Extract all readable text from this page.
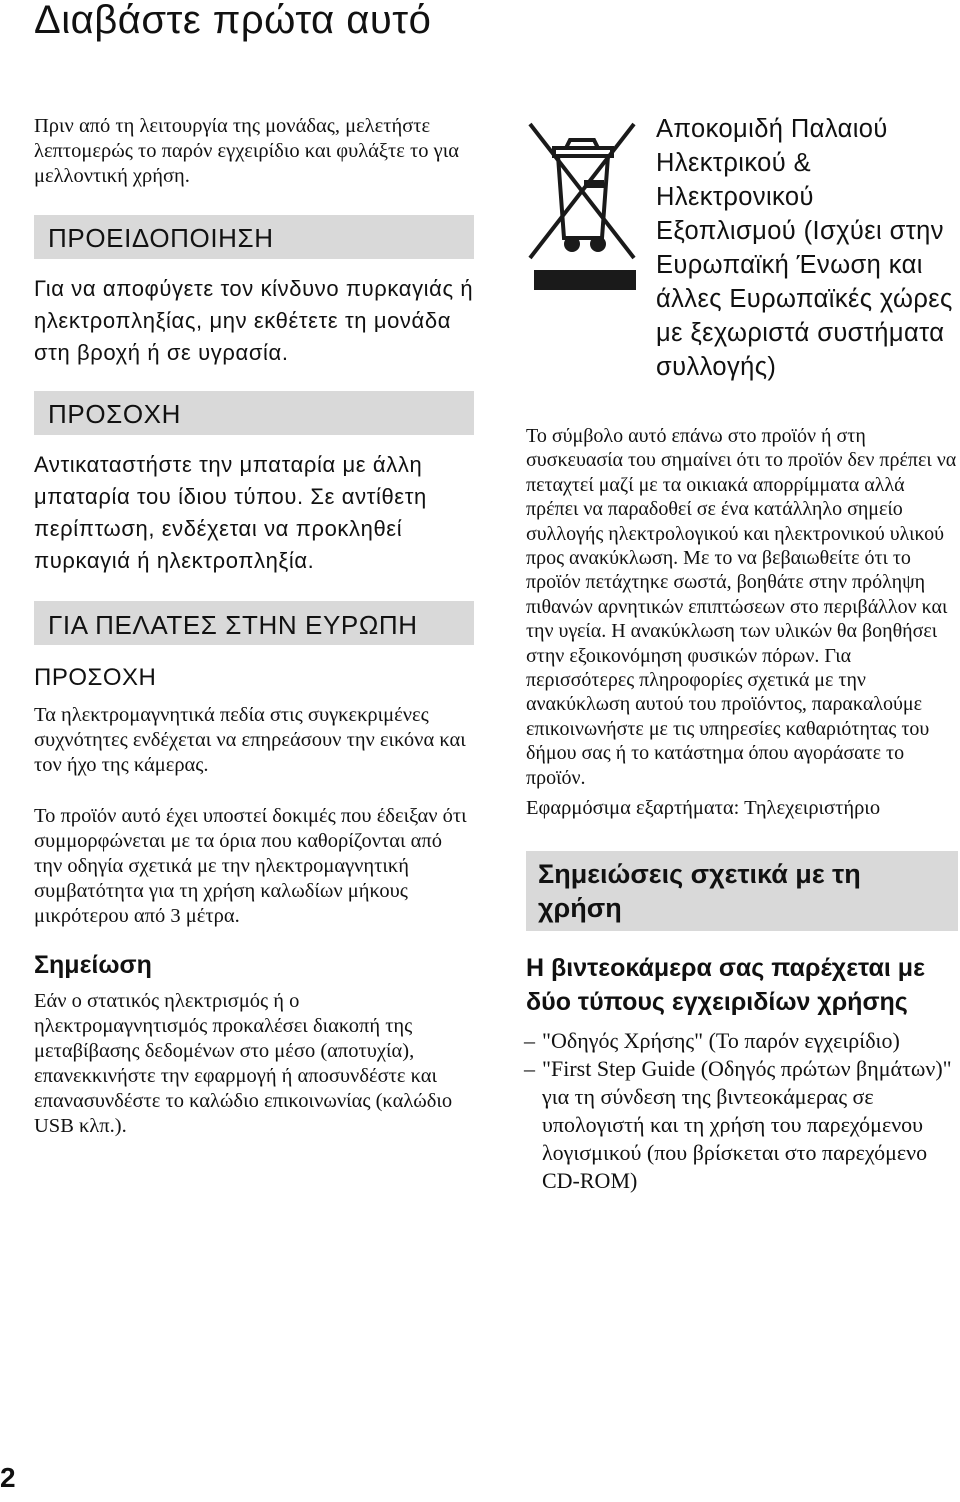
Διαβάστε πρώτα αυτό

Πριν από τη λειτουργία της μονάδας, μελετήστε λεπτομερώς το παρόν εγχειρίδιο και φυλάξτε το για μελλοντική χρήση.

ΠΡΟΕΙΔΟΠΟΙΗΣΗ

Για να αποφύγετε τον κίνδυνο πυρκαγιάς ή ηλεκτροπληξίας, μην εκθέτετε τη μονάδα στη βροχή ή σε υγρασία.

ΠΡΟΣΟΧΗ

Αντικαταστήστε την μπαταρία με άλλη μπαταρία του ίδιου τύπου. Σε αντίθετη περίπτωση, ενδέχεται να προκληθεί πυρκαγιά ή ηλεκτροπληξία.

ΓΙΑ ΠΕΛΑΤΕΣ ΣΤΗΝ ΕΥΡΩΠΗ

ΠΡΟΣΟΧΗ

Τα ηλεκτρομαγνητικά πεδία στις συγκεκριμένες συχνότητες ενδέχεται να επηρεάσουν την εικόνα και τον ήχο της κάμερας.

Το προϊόν αυτό έχει υποστεί δοκιμές που έδειξαν ότι συμμορφώνεται με τα όρια που καθορίζονται από την οδηγία σχετικά με την ηλεκτρομαγνητική συμβατότητα για τη χρήση καλωδίων μήκους μικρότερου από 3 μέτρα.

Σημείωση

Εάν ο στατικός ηλεκτρισμός ή ο ηλεκτρομαγνητισμός προκαλέσει διακοπή της μεταβίβασης δεδομένων στο μέσο (αποτυχία), επανεκκινήστε την εφαρμογή ή αποσυνδέστε και επανασυνδέστε το καλώδιο επικοινωνίας (καλώδιο USB κλπ.).

Αποκομιδή Παλαιού Ηλεκτρικού & Ηλεκτρονικού Εξοπλισμού (Ισχύει στην Ευρωπαϊκή Ένωση και άλλες Ευρωπαϊκές χώρες με ξεχωριστά συστήματα συλλογής)

Το σύμβολο αυτό επάνω στο προϊόν ή στη συσκευασία του σημαίνει ότι το προϊόν δεν πρέπει να πεταχτεί μαζί με τα οικιακά απορρίμματα αλλά πρέπει να παραδοθεί σε ένα κατάλληλο σημείο συλλογής ηλεκτρολογικού και ηλεκτρονικού υλικού προς ανακύκλωση. Με το να βεβαιωθείτε ότι το προϊόν πετάχτηκε σωστά, βοηθάτε στην πρόληψη πιθανών αρνητικών επιπτώσεων στο περιβάλλον και την υγεία. Η ανακύκλωση των υλικών θα βοηθήσει στην εξοικονόμηση φυσικών πόρων. Για περισσότερες πληροφορίες σχετικά με την ανακύκλωση αυτού του προϊόντος, παρακαλούμε επικοινωνήστε με τις υπηρεσίες καθαριότητας του δήμου σας ή το κατάστημα όπου αγοράσατε το προϊόν.

Εφαρμόσιμα εξαρτήματα: Τηλεχειριστήριο

Σημειώσεις σχετικά με τη χρήση

Η βιντεοκάμερα σας παρέχεται με δύο τύπους εγχειριδίων χρήσης

– "Οδηγός Χρήσης" (Το παρόν εγχειρίδιο)
– "First Step Guide (Οδηγός πρώτων βημάτων)" για τη σύνδεση της βιντεοκάμερας σε υπολογιστή και τη χρήση του παρεχόμενου λογισμικού (που βρίσκεται στο παρεχόμενο CD-ROM)
2
